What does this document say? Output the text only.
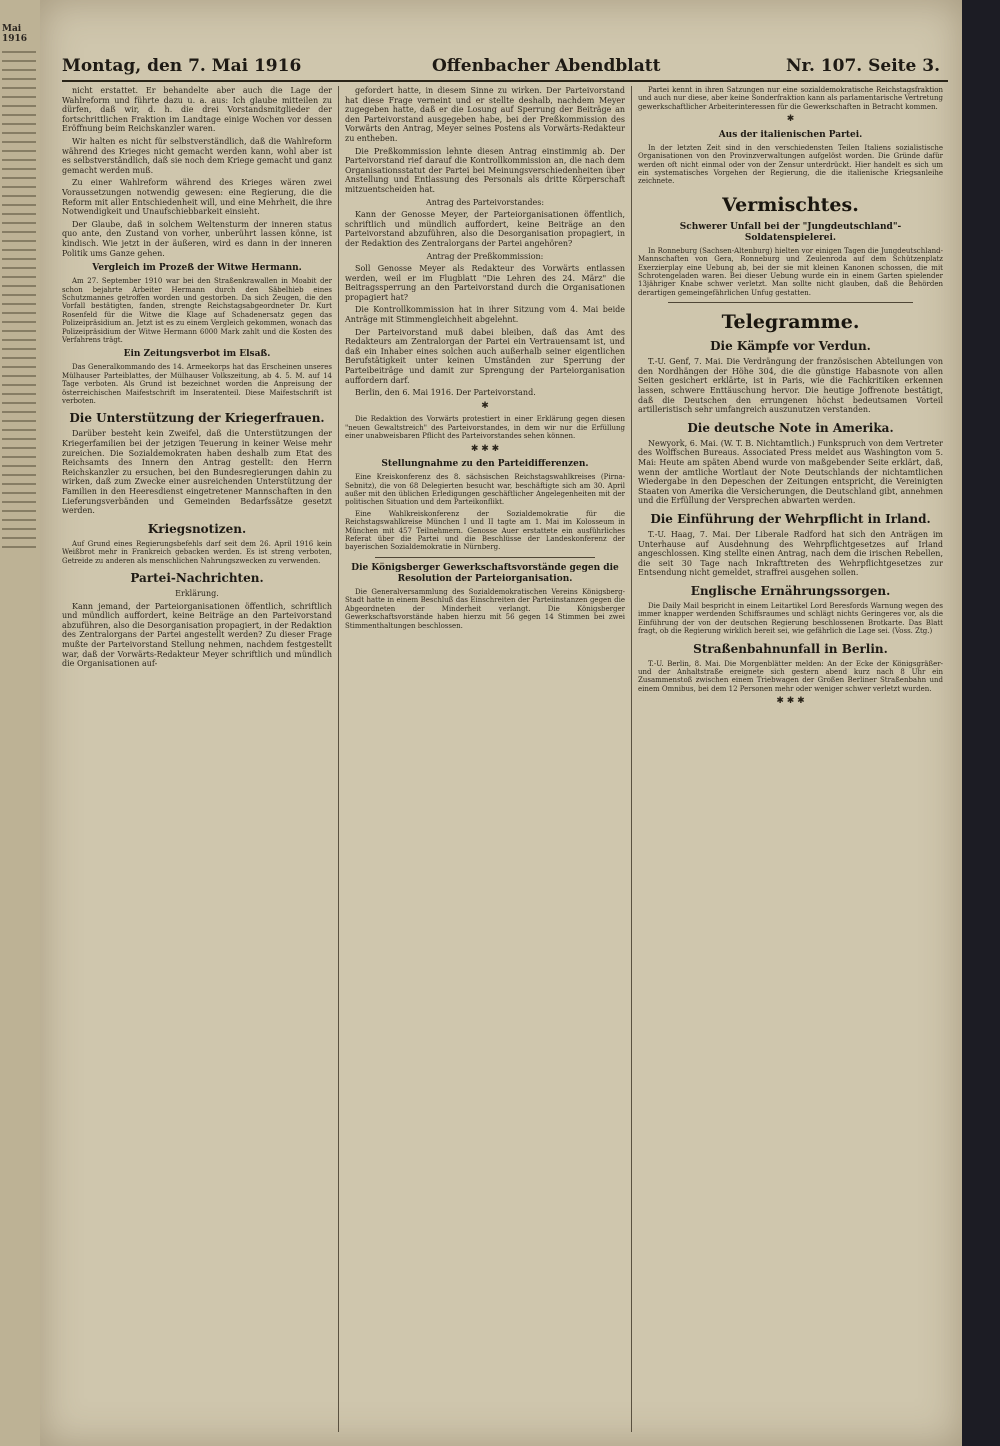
Mai 1916
Montag, den 7. Mai 1916	Offenbacher Abendblatt	Nr. 107. Seite 3.

nicht erstattet. Er behandelte aber auch die Lage der Wahlreform und führte dazu u. a. aus: Ich glaube mitteilen zu dürfen, daß wir, d. h. die drei Vorstandsmitglieder der fortschrittlichen Fraktion im Landtage einige Wochen vor dessen Eröffnung beim Reichskanzler waren.

Wir halten es nicht für selbstverständlich, daß die Wahlreform während des Krieges nicht gemacht werden kann, wohl aber ist es selbstverständlich, daß sie noch dem Kriege gemacht und ganz gemacht werden muß.

Zu einer Wahlreform während des Krieges wären zwei Voraussetzungen notwendig gewesen: eine Regierung, die die Reform mit aller Entschiedenheit will, und eine Mehrheit, die ihre Notwendigkeit und Unaufschiebbarkeit einsieht.

Der Glaube, daß in solchem Weltensturm der inneren status quo ante, den Zustand von vorher, unberührt lassen könne, ist kindisch. Wie jetzt in der äußeren, wird es dann in der inneren Politik ums Ganze gehen.

Vergleich im Prozeß der Witwe Hermann.

Am 27. September 1910 war bei den Straßenkrawallen in Moabit der schon bejahrte Arbeiter Hermann durch den Säbelhieb eines Schutzmannes getroffen worden und gestorben. Da sich Zeugen, die den Vorfall bestätigten, fanden, strengte Reichstagsabgeordneter Dr. Kurt Rosenfeld für die Witwe die Klage auf Schadenersatz gegen das Polizeipräsidium an. Jetzt ist es zu einem Vergleich gekommen, wonach das Polizeipräsidium der Witwe Hermann 6000 Mark zahlt und die Kosten des Verfahrens trägt.

Ein Zeitungsverbot im Elsaß.

Das Generalkommando des 14. Armeekorps hat das Erscheinen unseres Mülhauser Parteiblattes, der Mülhauser Volkszeitung, ab 4. 5. M. auf 14 Tage verboten. Als Grund ist bezeichnet worden die Anpreisung der österreichischen Maifestschrift im Inseratenteil. Diese Maifestschrift ist verboten.

Die Unterstützung der Kriegerfrauen.

Darüber besteht kein Zweifel, daß die Unterstützungen der Kriegerfamilien bei der jetzigen Teuerung in keiner Weise mehr zureichen. Die Sozialdemokraten haben deshalb zum Etat des Reichsamts des Innern den Antrag gestellt: den Herrn Reichskanzler zu ersuchen, bei den Bundesregierungen dahin zu wirken, daß zum Zwecke einer ausreichenden Unterstützung der Familien in den Heeresdienst eingetretener Mannschaften in den Lieferungsverbänden und Gemeinden Bedarfssätze gesetzt werden.

Kriegsnotizen.

Auf Grund eines Regierungsbefehls darf seit dem 26. April 1916 kein Weißbrot mehr in Frankreich gebacken werden. Es ist streng verboten, Getreide zu anderen als menschlichen Nahrungszwecken zu verwenden.

Partei-Nachrichten.

Erklärung.

Kann jemand, der Parteiorganisationen öffentlich, schriftlich und mündlich auffordert, keine Beiträge an den Parteivorstand abzuführen, also die Desorganisation propagiert, in der Redaktion des Zentralorgans der Partei angestellt werden? Zu dieser Frage mußte der Parteivorstand Stellung nehmen, nachdem festgestellt war, daß der Vorwärts-Redakteur Meyer schriftlich und mündlich die Organisationen auf-

gefordert hatte, in diesem Sinne zu wirken. Der Parteivorstand hat diese Frage verneint und er stellte deshalb, nachdem Meyer zugegeben hatte, daß er die Losung auf Sperrung der Beiträge an den Parteivorstand ausgegeben habe, bei der Preßkommission des Vorwärts den Antrag, Meyer seines Postens als Vorwärts-Redakteur zu entheben.

Die Preßkommission lehnte diesen Antrag einstimmig ab. Der Parteivorstand rief darauf die Kontrollkommission an, die nach dem Organisationsstatut der Partei bei Meinungsverschiedenheiten über Anstellung und Entlassung des Personals als dritte Körperschaft mitzuentscheiden hat.

Antrag des Parteivorstandes:

Kann der Genosse Meyer, der Parteiorganisationen öffentlich, schriftlich und mündlich auffordert, keine Beiträge an den Parteivorstand abzuführen, also die Desorganisation propagiert, in der Redaktion des Zentralorgans der Partei angehören?

Antrag der Preßkommission:

Soll Genosse Meyer als Redakteur des Vorwärts entlassen werden, weil er im Flugblatt "Die Lehren des 24. März" die Beitragssperrung an den Parteivorstand durch die Organisationen propagiert hat?

Die Kontrollkommission hat in ihrer Sitzung vom 4. Mai beide Anträge mit Stimmengleichheit abgelehnt.

Der Parteivorstand muß dabei bleiben, daß das Amt des Redakteurs am Zentralorgan der Partei ein Vertrauensamt ist, und daß ein Inhaber eines solchen auch außerhalb seiner eigentlichen Berufstätigkeit unter keinen Umständen zur Sperrung der Parteibeiträge und damit zur Sprengung der Parteiorganisation auffordern darf.

Berlin, den 6. Mai 1916. Der Parteivorstand.

✱

Die Redaktion des Vorwärts protestiert in einer Erklärung gegen diesen "neuen Gewaltstreich" des Parteivorstandes, in dem wir nur die Erfüllung einer unabweisbaren Pflicht des Parteivorstandes sehen können.

✱ ✱ ✱
Stellungnahme zu den Parteidifferenzen.

Eine Kreiskonferenz des 8. sächsischen Reichstagswahlkreises (Pirna-Sebnitz), die von 68 Delegierten besucht war, beschäftigte sich am 30. April außer mit den üblichen Erledigungen geschäftlicher Angelegenheiten mit der politischen Situation und dem Parteikonflikt.

Eine Wahlkreiskonferenz der Sozialdemokratie für die Reichstagswahlkreise München I und II tagte am 1. Mai im Kolosseum in München mit 457 Teilnehmern. Genosse Auer erstattete ein ausführliches Referat über die Partei und die Beschlüsse der Landeskonferenz der bayerischen Sozialdemokratie in Nürnberg.

Die Königsberger Gewerkschaftsvorstände gegen die Resolution der Parteiorganisation.

Die Generalversammlung des Sozialdemokratischen Vereins Königsberg-Stadt hatte in einem Beschluß das Einschreiten der Parteiinstanzen gegen die Abgeordneten der Minderheit verlangt. Die Königsberger Gewerkschaftsvorstände haben hierzu mit 56 gegen 14 Stimmen bei zwei Stimmenthaltungen beschlossen.

Partei kennt in ihren Satzungen nur eine sozialdemokratische Reichstagsfraktion und auch nur diese, aber keine Sonderfraktion kann als parlamentarische Vertretung gewerkschaftlicher Arbeiterinteressen für die Gewerkschaften in Betracht kommen.

✱
Aus der italienischen Partei.

In der letzten Zeit sind in den verschiedensten Teilen Italiens sozialistische Organisationen von den Provinzverwaltungen aufgelöst worden. Die Gründe dafür werden oft nicht einmal oder von der Zensur unterdrückt. Hier handelt es sich um ein systematisches Vorgehen der Regierung, die die italienische Kriegsanleihe zeichnete.

Vermischtes.
Schwerer Unfall bei der "Jungdeutschland"-Soldatenspielerei.

In Ronneburg (Sachsen-Altenburg) hielten vor einigen Tagen die Jungdeutschland-Mannschaften von Gera, Ronneburg und Zeulenroda auf dem Schützenplatz Exerzierplay eine Uebung ab, bei der sie mit kleinen Kanonen schossen, die mit Schrotengeladen waren. Bei dieser Uebung wurde ein in einem Garten spielender 13jähriger Knabe schwer verletzt. Man sollte nicht glauben, daß die Behörden derartigen gemeingefährlichen Unfug gestatten.

Telegramme.
Die Kämpfe vor Verdun.

T.-U. Genf, 7. Mai. Die Verdrängung der französischen Abteilungen von den Nordhängen der Höhe 304, die die günstige Habasnote von allen Seiten gesichert erklärte, ist in Paris, wie die Fachkritiken erkennen lassen, schwere Enttäuschung hervor. Die heutige Joffrenote bestätigt, daß die Deutschen den errungenen höchst bedeutsamen Vorteil artilleristisch sehr umfangreich auszunutzen verstanden.

Die deutsche Note in Amerika.

Newyork, 6. Mai. (W. T. B. Nichtamtlich.) Funkspruch von dem Vertreter des Wolffschen Bureaus. Associated Press meldet aus Washington vom 5. Mai: Heute am späten Abend wurde von maßgebender Seite erklärt, daß, wenn der amtliche Wortlaut der Note Deutschlands der nichtamtlichen Wiedergabe in den Depeschen der Zeitungen entspricht, die Vereinigten Staaten von Amerika die Versicherungen, die Deutschland gibt, annehmen und die Erfüllung der Versprechen abwarten werden.

Die Einführung der Wehrpflicht in Irland.

T.-U. Haag, 7. Mai. Der Liberale Radford hat sich den Anträgen im Unterhause auf Ausdehnung des Wehrpflichtgesetzes auf Irland angeschlossen. King stellte einen Antrag, nach dem die irischen Rebellen, die seit 30 Tage nach Inkrafttreten des Wehrpflichtgesetzes zur Entsendung nicht gemeldet, straffrei ausgehen sollen.

Englische Ernährungssorgen.

Die Daily Mail bespricht in einem Leitartikel Lord Beresfords Warnung wegen des immer knapper werdenden Schiffsraumes und schlägt nichts Geringeres vor, als die Einführung der von der deutschen Regierung beschlossenen Brotkarte. Das Blatt fragt, ob die Regierung wirklich bereit sei, wie gefährlich die Lage sei. (Voss. Ztg.)

Straßenbahnunfall in Berlin.

T.-U. Berlin, 8. Mai. Die Morgenblätter melden: An der Ecke der Königsgräßer- und der Anhaltstraße ereignete sich gestern abend kurz nach 8 Uhr ein Zusammenstoß zwischen einem Triebwagen der Großen Berliner Straßenbahn und einem Omnibus, bei dem 12 Personen mehr oder weniger schwer verletzt wurden.

✱ ✱ ✱
